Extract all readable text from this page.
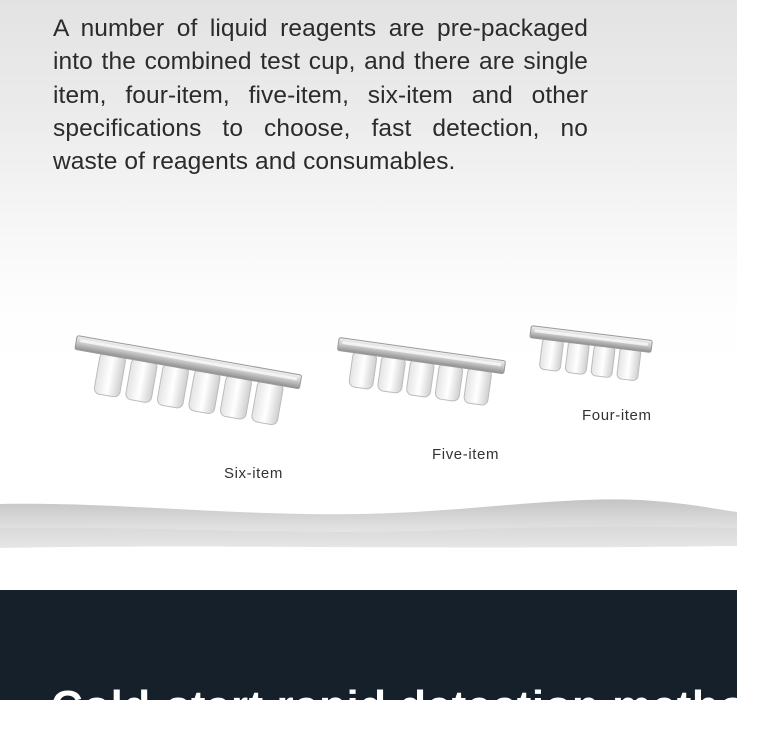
A number of liquid reagents are pre-packaged into the combined test cup, and there are single item, four-item, five-item, six-item and other specifications to choose, fast detection, no waste of reagents and consumables.

Six-item
Five-item
Four-item
Cold-start rapid detection method
